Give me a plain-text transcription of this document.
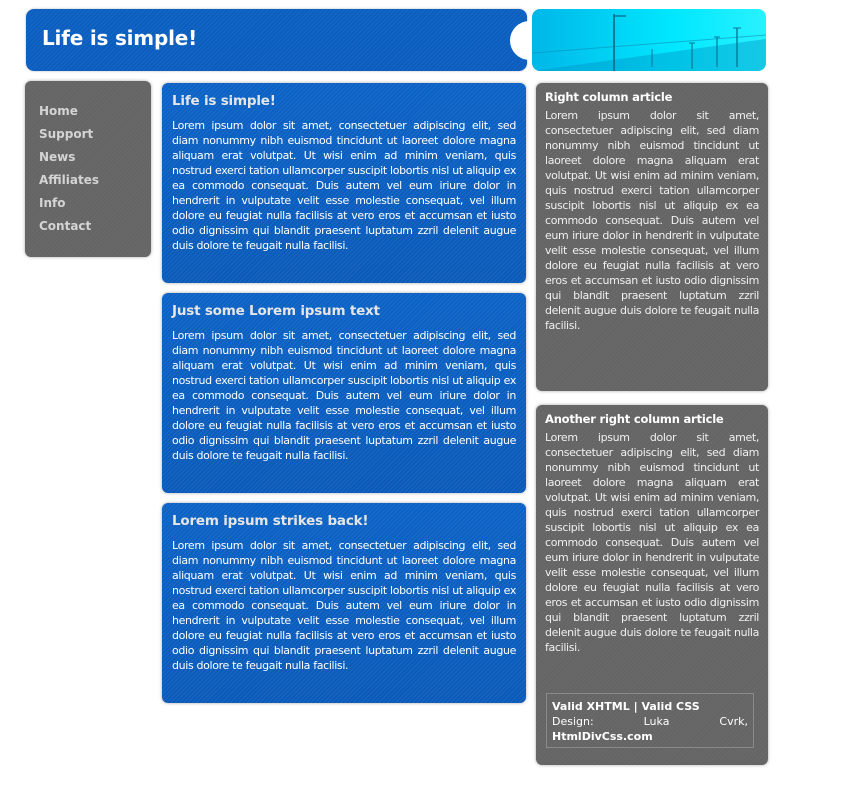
Life is simple!
Home
Support
News
Affiliates
Info
Contact
Life is simple!

Lorem ipsum dolor sit amet, consectetuer adipiscing elit, sed diam nonummy nibh euismod tincidunt ut laoreet dolore magna aliquam erat volutpat. Ut wisi enim ad minim veniam, quis nostrud exerci tation ullamcorper suscipit lobortis nisl ut aliquip ex ea commodo consequat. Duis autem vel eum iriure dolor in hendrerit in vulputate velit esse molestie consequat, vel illum dolore eu feugiat nulla facilisis at vero eros et accumsan et iusto odio dignissim qui blandit praesent luptatum zzril delenit augue duis dolore te feugait nulla facilisi.

Just some Lorem ipsum text

Lorem ipsum dolor sit amet, consectetuer adipiscing elit, sed diam nonummy nibh euismod tincidunt ut laoreet dolore magna aliquam erat volutpat. Ut wisi enim ad minim veniam, quis nostrud exerci tation ullamcorper suscipit lobortis nisl ut aliquip ex ea commodo consequat. Duis autem vel eum iriure dolor in hendrerit in vulputate velit esse molestie consequat, vel illum dolore eu feugiat nulla facilisis at vero eros et accumsan et iusto odio dignissim qui blandit praesent luptatum zzril delenit augue duis dolore te feugait nulla facilisi.

Lorem ipsum strikes back!

Lorem ipsum dolor sit amet, consectetuer adipiscing elit, sed diam nonummy nibh euismod tincidunt ut laoreet dolore magna aliquam erat volutpat. Ut wisi enim ad minim veniam, quis nostrud exerci tation ullamcorper suscipit lobortis nisl ut aliquip ex ea commodo consequat. Duis autem vel eum iriure dolor in hendrerit in vulputate velit esse molestie consequat, vel illum dolore eu feugiat nulla facilisis at vero eros et accumsan et iusto odio dignissim qui blandit praesent luptatum zzril delenit augue duis dolore te feugait nulla facilisi.

Right column article

Lorem ipsum dolor sit amet, consectetuer adipiscing elit, sed diam nonummy nibh euismod tincidunt ut laoreet dolore magna aliquam erat volutpat. Ut wisi enim ad minim veniam, quis nostrud exerci tation ullamcorper suscipit lobortis nisl ut aliquip ex ea commodo consequat. Duis autem vel eum iriure dolor in hendrerit in vulputate velit esse molestie consequat, vel illum dolore eu feugiat nulla facilisis at vero eros et accumsan et iusto odio dignissim qui blandit praesent luptatum zzril delenit augue duis dolore te feugait nulla facilisi.

Another right column article

Lorem ipsum dolor sit amet, consectetuer adipiscing elit, sed diam nonummy nibh euismod tincidunt ut laoreet dolore magna aliquam erat volutpat. Ut wisi enim ad minim veniam, quis nostrud exerci tation ullamcorper suscipit lobortis nisl ut aliquip ex ea commodo consequat. Duis autem vel eum iriure dolor in hendrerit in vulputate velit esse molestie consequat, vel illum dolore eu feugiat nulla facilisis at vero eros et accumsan et iusto odio dignissim qui blandit praesent luptatum zzril delenit augue duis dolore te feugait nulla facilisi.

Valid XHTML | Valid CSS
Design:	Luka	Cvrk,
HtmlDivCss.com
